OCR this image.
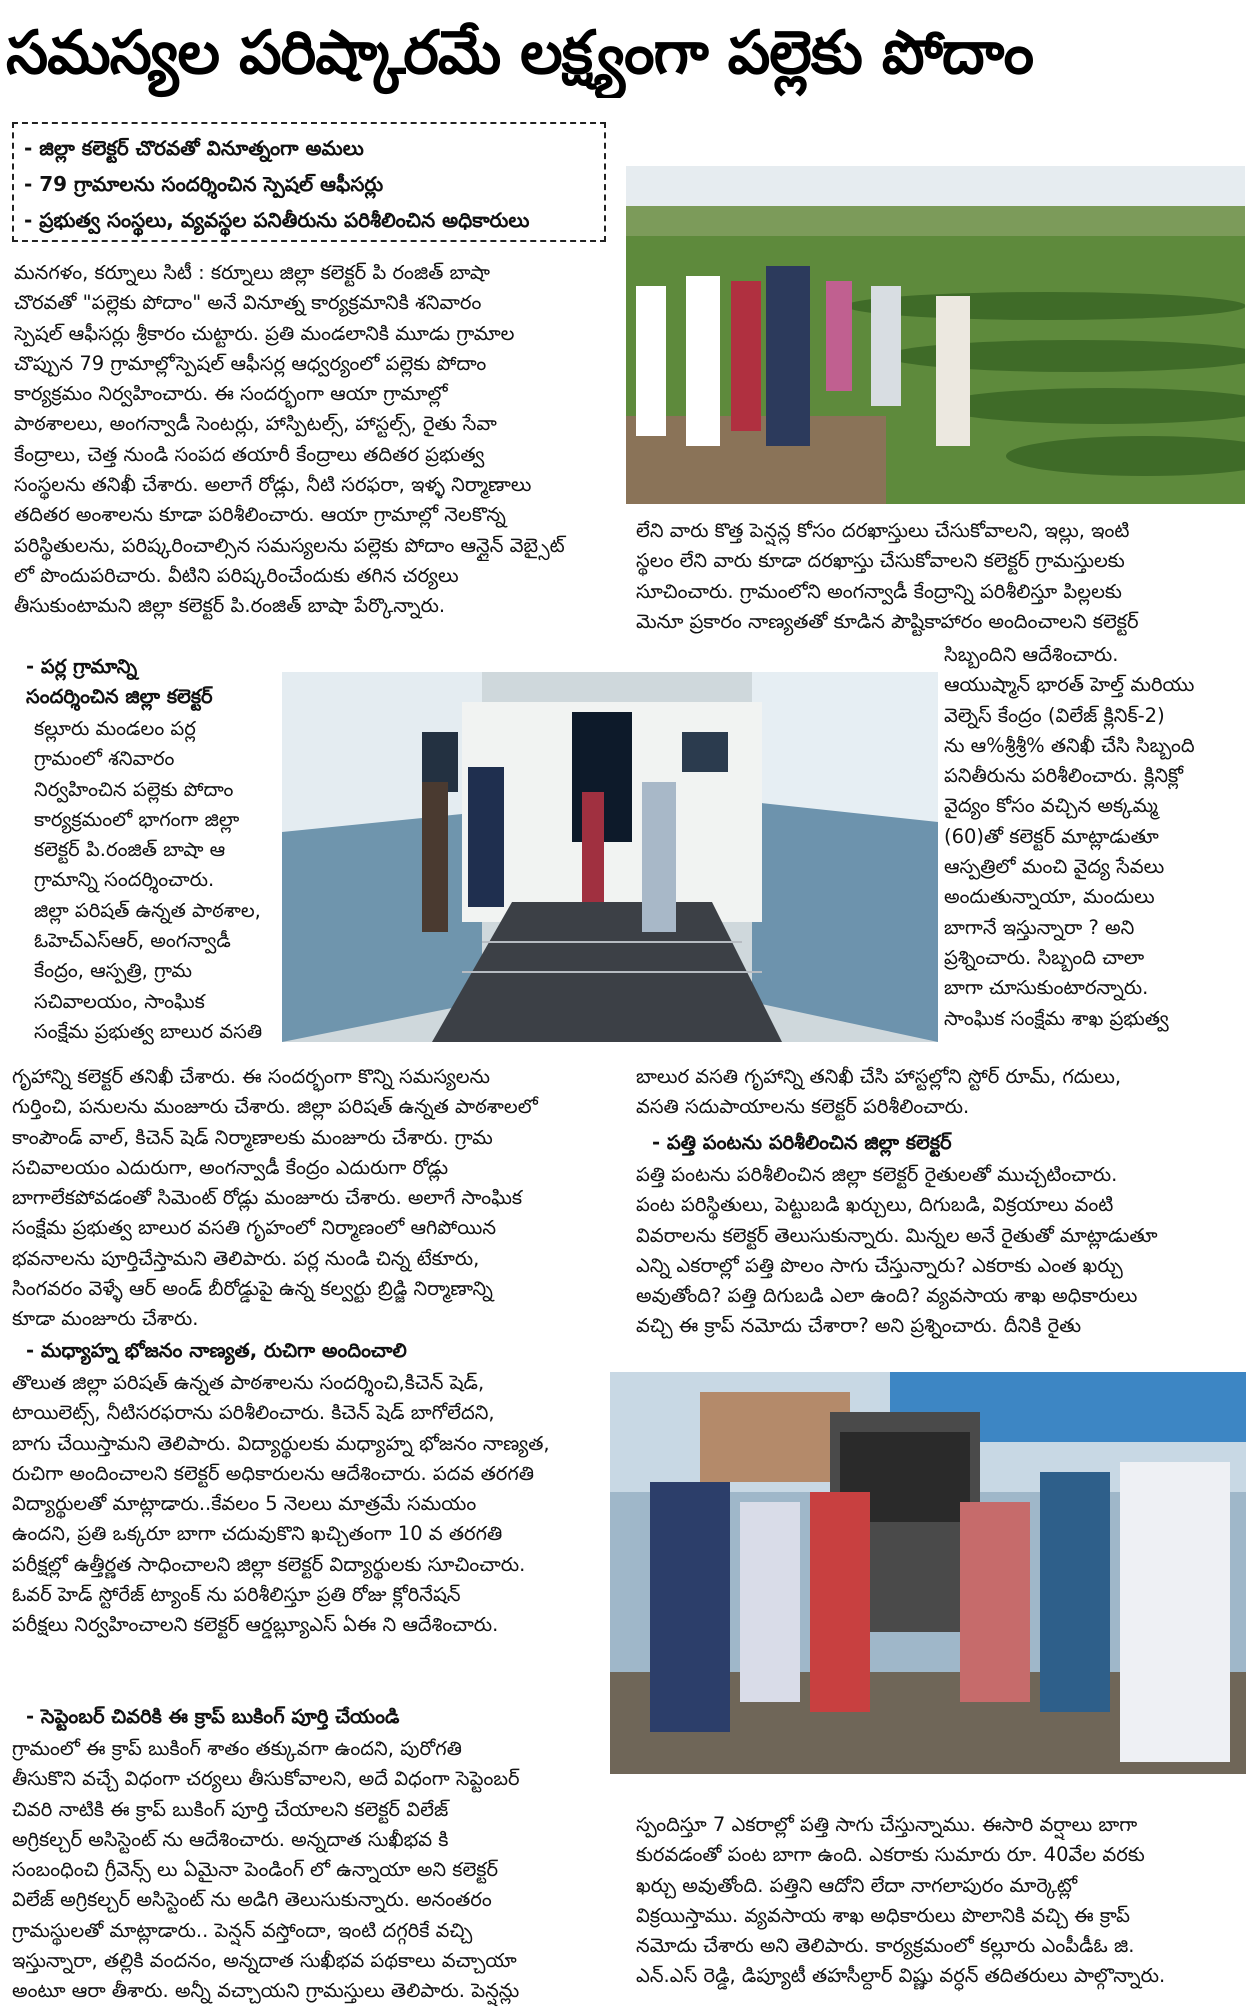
సమస్యల పరిష్కారమే లక్ష్యంగా పల్లెకు పోదాం
- జిల్లా కలెక్టర్ చొరవతో వినూత్నంగా అమలు
- 79 గ్రామాలను సందర్శించిన స్పెషల్ ఆఫీసర్లు
- ప్రభుత్వ సంస్థలు, వ్యవస్థల పనితీరును పరిశీలించిన అధికారులు
మనగళం, కర్నూలు సిటీ : కర్నూలు జిల్లా కలెక్టర్ పి రంజిత్ బాషా
చొరవతో "పల్లెకు పోదాం" అనే వినూత్న కార్యక్రమానికి శనివారం
స్పెషల్ ఆఫీసర్లు శ్రీకారం చుట్టారు. ప్రతి మండలానికి మూడు గ్రామాల
చొప్పున 79 గ్రామాల్లోస్పెషల్ ఆఫీసర్ల ఆధ్వర్యంలో పల్లెకు పోదాం
కార్యక్రమం నిర్వహించారు. ఈ సందర్భంగా ఆయా గ్రామాల్లో
పాఠశాలలు, అంగన్వాడీ సెంటర్లు, హాస్పిటల్స్, హాస్టల్స్, రైతు సేవా
కేంద్రాలు, చెత్త నుండి సంపద తయారీ కేంద్రాలు తదితర ప్రభుత్వ
సంస్థలను తనిఖీ చేశారు. అలాగే రోడ్లు, నీటి సరఫరా, ఇళ్ళ నిర్మాణాలు
తదితర అంశాలను కూడా పరిశీలించారు. ఆయా గ్రామాల్లో నెలకొన్న
పరిస్థితులను, పరిష్కరించాల్సిన సమస్యలను పల్లెకు పోదాం ఆన్లైన్ వెబ్సైట్
లో పొందుపరిచారు. వీటిని పరిష్కరించేందుకు తగిన చర్యలు
తీసుకుంటామని జిల్లా కలెక్టర్ పి.రంజిత్ బాషా పేర్కొన్నారు.
లేని వారు కొత్త పెన్షన్ల కోసం దరఖాస్తులు చేసుకోవాలని, ఇల్లు, ఇంటి
స్థలం లేని వారు కూడా దరఖాస్తు చేసుకోవాలని కలెక్టర్ గ్రామస్తులకు
సూచించారు. గ్రామంలోని అంగన్వాడీ కేంద్రాన్ని పరిశీలిస్తూ పిల్లలకు
మెనూ ప్రకారం నాణ్యతతో కూడిన పౌష్టికాహారం అందించాలని కలెక్టర్
- పర్ల గ్రామాన్ని
సందర్శించిన జిల్లా కలెక్టర్
కల్లూరు మండలం పర్ల
గ్రామంలో శనివారం
నిర్వహించిన పల్లెకు పోదాం
కార్యక్రమంలో భాగంగా జిల్లా
కలెక్టర్ పి.రంజిత్ బాషా ఆ
గ్రామాన్ని సందర్శించారు.
జిల్లా పరిషత్ ఉన్నత పాఠశాల,
ఓహెచ్ఎస్ఆర్, అంగన్వాడీ
కేంద్రం, ఆస్పత్రి, గ్రామ
సచివాలయం, సాంఘిక
సంక్షేమ ప్రభుత్వ బాలుర వసతి
సిబ్బందిని ఆదేశించారు.
ఆయుష్మాన్ భారత్ హెల్త్ మరియు
వెల్నెస్ కేంద్రం (విలేజ్ క్లినిక్-2)
ను ఆ%శ్రీశ్రీ% తనిఖీ చేసి సిబ్బంది
పనితీరును పరిశీలించారు. క్లినిక్లో
వైద్యం కోసం వచ్చిన అక్కమ్మ
(60)తో కలెక్టర్ మాట్లాడుతూ
ఆస్పత్రిలో మంచి వైద్య సేవలు
అందుతున్నాయా, మందులు
బాగానే ఇస్తున్నారా ? అని
ప్రశ్నించారు. సిబ్బంది చాలా
బాగా చూసుకుంటారన్నారు.
సాంఘిక సంక్షేమ శాఖ ప్రభుత్వ
గృహాన్ని కలెక్టర్ తనిఖీ చేశారు. ఈ సందర్భంగా కొన్ని సమస్యలను
గుర్తించి, పనులను మంజూరు చేశారు. జిల్లా పరిషత్ ఉన్నత పాఠశాలలో
కాంపౌండ్ వాల్, కిచెన్ షెడ్ నిర్మాణాలకు మంజూరు చేశారు. గ్రామ
సచివాలయం ఎదురుగా, అంగన్వాడీ కేంద్రం ఎదురుగా రోడ్లు
బాగాలేకపోవడంతో సిమెంట్ రోడ్లు మంజూరు చేశారు. అలాగే సాంఘిక
సంక్షేమ ప్రభుత్వ బాలుర వసతి గృహంలో నిర్మాణంలో ఆగిపోయిన
భవనాలను పూర్తిచేస్తామని తెలిపారు. పర్ల నుండి చిన్న టేకూరు,
సింగవరం వెళ్ళే ఆర్ అండ్ బీరోడ్డుపై ఉన్న కల్వర్టు బ్రిడ్జి నిర్మాణాన్ని
కూడా మంజూరు చేశారు.
బాలుర వసతి గృహాన్ని తనిఖీ చేసి హాస్టల్లోని స్టోర్ రూమ్, గదులు,
వసతి సదుపాయాలను కలెక్టర్ పరిశీలించారు.
- పత్తి పంటను పరిశీలించిన జిల్లా కలెక్టర్
పత్తి పంటను పరిశీలించిన జిల్లా కలెక్టర్ రైతులతో ముచ్చటించారు.
పంట పరిస్థితులు, పెట్టుబడి ఖర్చులు, దిగుబడి, విక్రయాలు వంటి
వివరాలను కలెక్టర్ తెలుసుకున్నారు. మిన్నల అనే రైతుతో మాట్లాడుతూ
ఎన్ని ఎకరాల్లో పత్తి పొలం సాగు చేస్తున్నారు? ఎకరాకు ఎంత ఖర్చు
అవుతోంది? పత్తి దిగుబడి ఎలా ఉంది? వ్యవసాయ శాఖ అధికారులు
వచ్చి ఈ క్రాప్ నమోదు చేశారా? అని ప్రశ్నించారు. దీనికి రైతు
- మధ్యాహ్న భోజనం నాణ్యత, రుచిగా అందించాలి
తొలుత జిల్లా పరిషత్ ఉన్నత పాఠశాలను సందర్శించి,కిచెన్ షెడ్,
టాయిలెట్స్, నీటిసరఫరాను పరిశీలించారు. కిచెన్ షెడ్ బాగోలేదని,
బాగు చేయిస్తామని తెలిపారు. విద్యార్థులకు మధ్యాహ్న భోజనం నాణ్యత,
రుచిగా అందించాలని కలెక్టర్ అధికారులను ఆదేశించారు. పదవ తరగతి
విద్యార్థులతో మాట్లాడారు..కేవలం 5 నెలలు మాత్రమే సమయం
ఉందని, ప్రతి ఒక్కరూ బాగా చదువుకొని ఖచ్చితంగా 10 వ తరగతి
పరీక్షల్లో ఉత్తీర్ణత సాధించాలని జిల్లా కలెక్టర్ విద్యార్థులకు సూచించారు.
ఓవర్ హెడ్ స్టోరేజ్ ట్యాంక్ ను పరిశీలిస్తూ ప్రతి రోజు క్లోరినేషన్
పరీక్షలు నిర్వహించాలని కలెక్టర్ ఆర్డబ్ల్యూఎస్ ఏఈ ని ఆదేశించారు.
- సెప్టెంబర్ చివరికి ఈ క్రాప్ బుకింగ్ పూర్తి చేయండి
గ్రామంలో ఈ క్రాప్ బుకింగ్ శాతం తక్కువగా ఉందని, పురోగతి
తీసుకొని వచ్చే విధంగా చర్యలు తీసుకోవాలని, అదే విధంగా సెప్టెంబర్
చివరి నాటికి ఈ క్రాప్ బుకింగ్ పూర్తి చేయాలని కలెక్టర్ విలేజ్
అగ్రికల్చర్ అసిస్టెంట్ ను ఆదేశించారు. అన్నదాత సుఖీభవ కి
సంబంధించి గ్రీవెన్స్ లు ఏమైనా పెండింగ్ లో ఉన్నాయా అని కలెక్టర్
విలేజ్ అగ్రికల్చర్ అసిస్టెంట్ ను అడిగి తెలుసుకున్నారు. అనంతరం
గ్రామస్థులతో మాట్లాడారు.. పెన్షన్ వస్తోందా, ఇంటి దగ్గరికే వచ్చి
ఇస్తున్నారా, తల్లికి వందనం, అన్నదాత సుఖీభవ పథకాలు వచ్చాయా
అంటూ ఆరా తీశారు. అన్నీ వచ్చాయని గ్రామస్తులు తెలిపారు. పెన్షన్లు
స్పందిస్తూ 7 ఎకరాల్లో పత్తి సాగు చేస్తున్నాము. ఈసారి వర్షాలు బాగా
కురవడంతో పంట బాగా ఉంది. ఎకరాకు సుమారు రూ. 40వేల వరకు
ఖర్చు అవుతోంది. పత్తిని ఆదోని లేదా నాగలాపురం మార్కెట్లో
విక్రయిస్తాము. వ్యవసాయ శాఖ అధికారులు పొలానికి వచ్చి ఈ క్రాప్
నమోదు చేశారు అని తెలిపారు. కార్యక్రమంలో కల్లూరు ఎంపీడీఓ జి.
ఎన్.ఎస్ రెడ్డి, డిప్యూటీ తహసీల్దార్ విష్ణు వర్ధన్ తదితరులు పాల్గొన్నారు.
